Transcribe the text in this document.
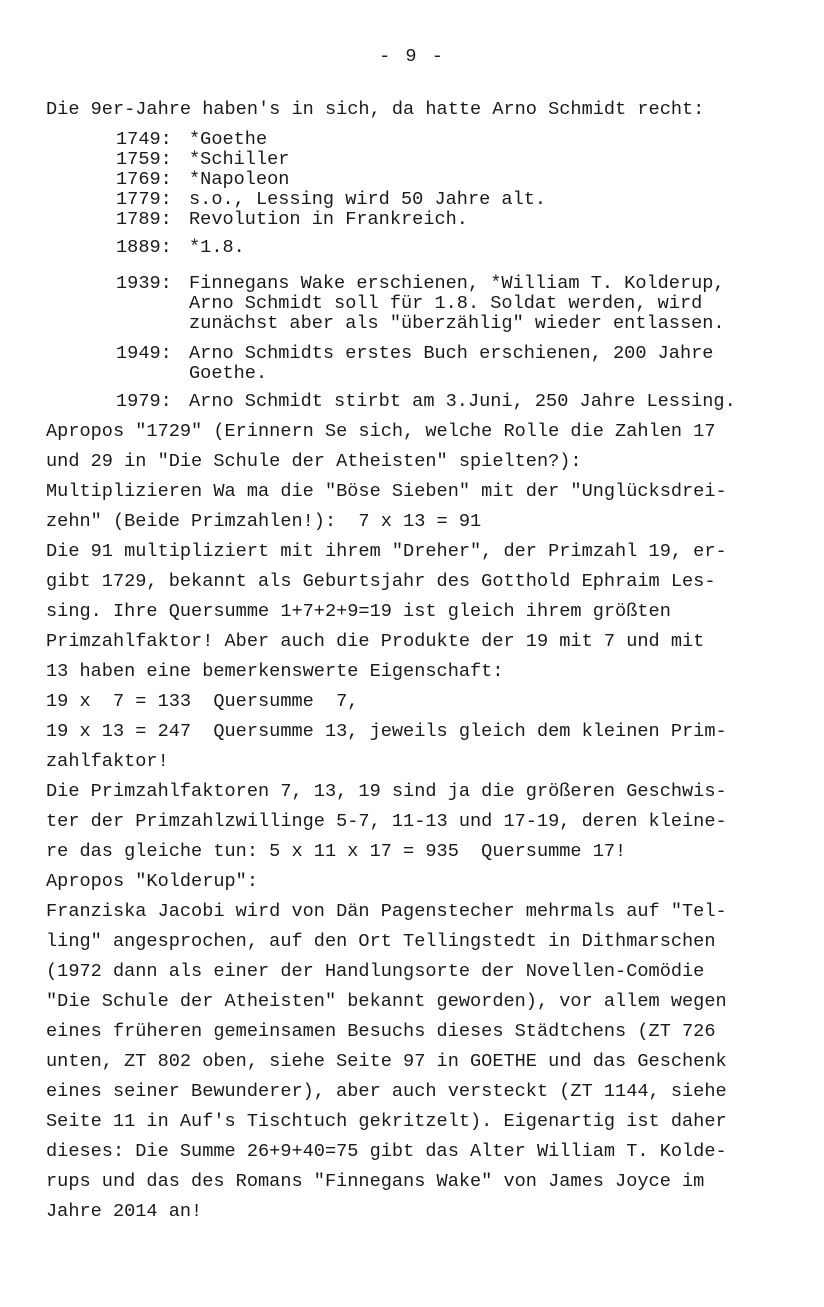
- 9 -
Die 9er-Jahre haben's in sich, da hatte Arno Schmidt recht:
1749: *Goethe
1759: *Schiller
1769: *Napoleon
1779: s.o., Lessing wird 50 Jahre alt.
1789: Revolution in Frankreich.
1889: *1.8.
1939: Finnegans Wake erschienen, *William T. Kolderup,
Arno Schmidt soll für 1.8. Soldat werden, wird
zunächst aber als "überzählig" wieder entlassen.
1949: Arno Schmidts erstes Buch erschienen, 200 Jahre
Goethe.
1979: Arno Schmidt stirbt am 3.Juni, 250 Jahre Lessing.
Apropos "1729" (Erinnern Se sich, welche Rolle die Zahlen 17
und 29 in "Die Schule der Atheisten" spielten?):
Multiplizieren Wa ma die "Böse Sieben" mit der "Unglücksdrei-
zehn" (Beide Primzahlen!):  7 x 13 = 91
Die 91 multipliziert mit ihrem "Dreher", der Primzahl 19, er-
gibt 1729, bekannt als Geburtsjahr des Gotthold Ephraim Les-
sing. Ihre Quersumme 1+7+2+9=19 ist gleich ihrem größten
Primzahlfaktor! Aber auch die Produkte der 19 mit 7 und mit
13 haben eine bemerkenswerte Eigenschaft:
19 x  7 = 133  Quersumme  7,
19 x 13 = 247  Quersumme 13, jeweils gleich dem kleinen Prim-
zahlfaktor!
Die Primzahlfaktoren 7, 13, 19 sind ja die größeren Geschwis-
ter der Primzahlzwillinge 5-7, 11-13 und 17-19, deren kleine-
re das gleiche tun: 5 x 11 x 17 = 935  Quersumme 17!
Apropos "Kolderup":
Franziska Jacobi wird von Dän Pagenstecher mehrmals auf "Tel-
ling" angesprochen, auf den Ort Tellingstedt in Dithmarschen
(1972 dann als einer der Handlungsorte der Novellen-Comödie
"Die Schule der Atheisten" bekannt geworden), vor allem wegen
eines früheren gemeinsamen Besuchs dieses Städtchens (ZT 726
unten, ZT 802 oben, siehe Seite 97 in GOETHE und das Geschenk
eines seiner Bewunderer), aber auch versteckt (ZT 1144, siehe
Seite 11 in Auf's Tischtuch gekritzelt). Eigenartig ist daher
dieses: Die Summe 26+9+40=75 gibt das Alter William T. Kolde-
rups und das des Romans "Finnegans Wake" von James Joyce im
Jahre 2014 an!
